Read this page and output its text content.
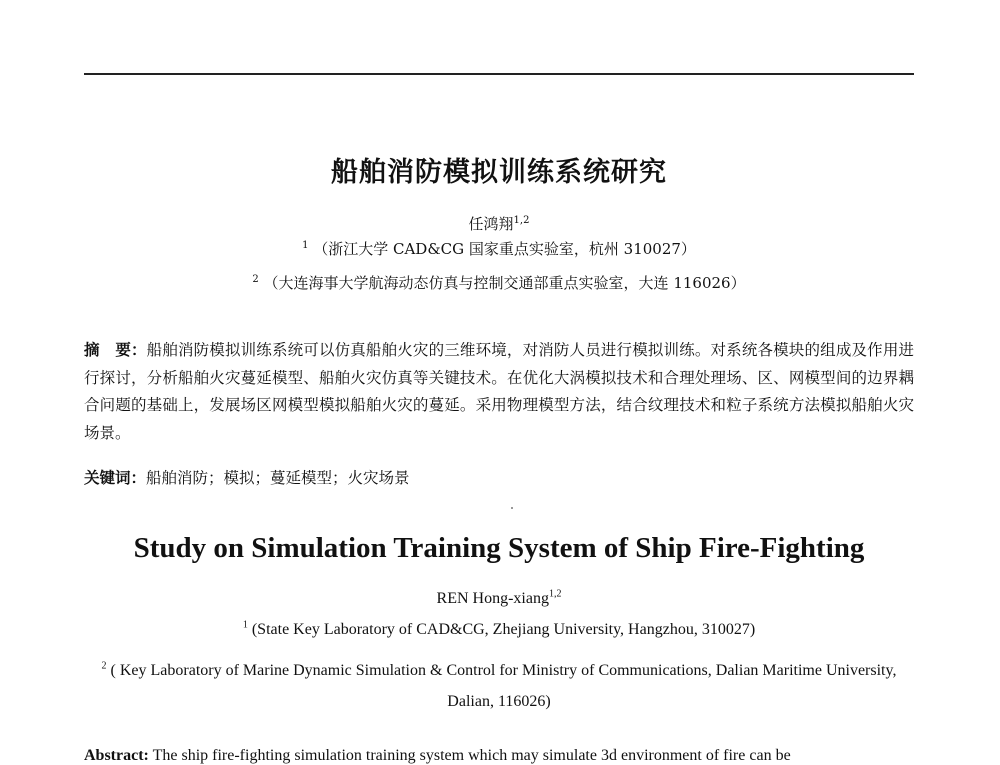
船舶消防模拟训练系统研究
任鸿翔$^{1,2}$
$^1$ （浙江大学 CAD&CG 国家重点实验室，杭州 310027）
$^2$ （大连海事大学航海动态仿真与控制交通部重点实验室，大连 116026）
摘　要：船舶消防模拟训练系统可以仿真船舶火灾的三维环境，对消防人员进行模拟训练。对系统各模块的组成及作用进行探讨，分析船舶火灾蔓延模型、船舶火灾仿真等关键技术。在优化大涡模拟技术和合理处理场、区、网模型间的边界耦合问题的基础上，发展场区网模型模拟船舶火灾的蔓延。采用物理模型方法，结合纹理技术和粒子系统方法模拟船舶火灾场景。
关键词：船舶消防；模拟；蔓延模型；火灾场景
Study on Simulation Training System of Ship Fire-Fighting
REN Hong-xiang$^{1,2}$
$^1$ (State Key Laboratory of CAD&CG, Zhejiang University, Hangzhou, 310027)
$^2$ ( Key Laboratory of Marine Dynamic Simulation & Control for Ministry of Communications, Dalian Maritime University, Dalian, 116026)
Abstract: The ship fire-fighting simulation training system which may simulate 3d environment of fire can be
